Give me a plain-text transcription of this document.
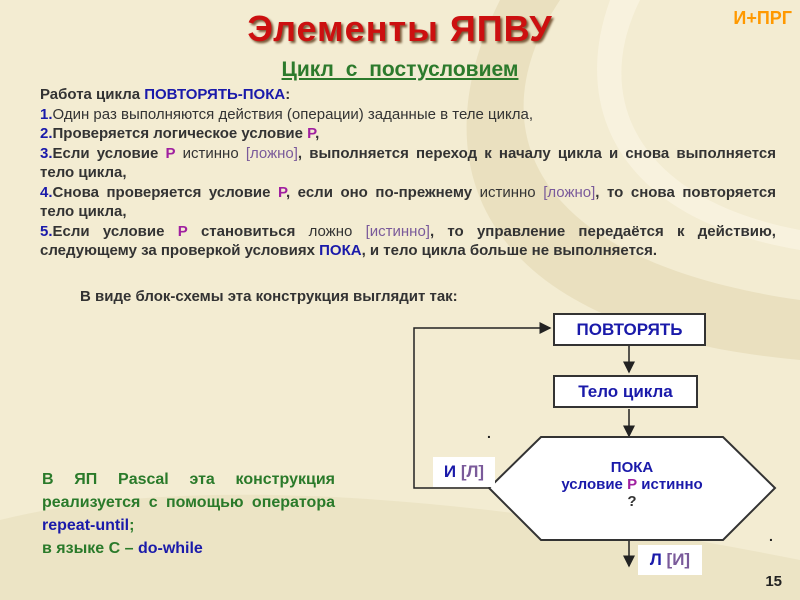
Элементы ЯПВУ	И+ПРГ
Цикл с постусловием

Работа цикла ПОВТОРЯТЬ-ПОКА:

1.Один раз выполняются действия (операции) заданные в теле цикла,

2.Проверяется логическое условие Р,

3.Если условие Р истинно [ложно], выполняется переход к началу цикла и снова выполняется тело цикла,

4.Снова проверяется условие Р, если оно по-прежнему истинно [ложно], то снова повторяется тело цикла,

5.Если условие Р становиться ложно [истинно], то управление передаётся к действию, следующему за проверкой условиях ПОКА, и тело цикла больше не выполняется.

В виде блок-схемы эта конструкция выглядит так:
ПОВТОРЯТЬ
Тело цикла
ПОКА
условие Р истинно
?
И [Л]
Л [И]
.
.

В ЯП Pascal эта конструкция реализуется с помощью оператора repeat-until;

в языке С – do-while

15
